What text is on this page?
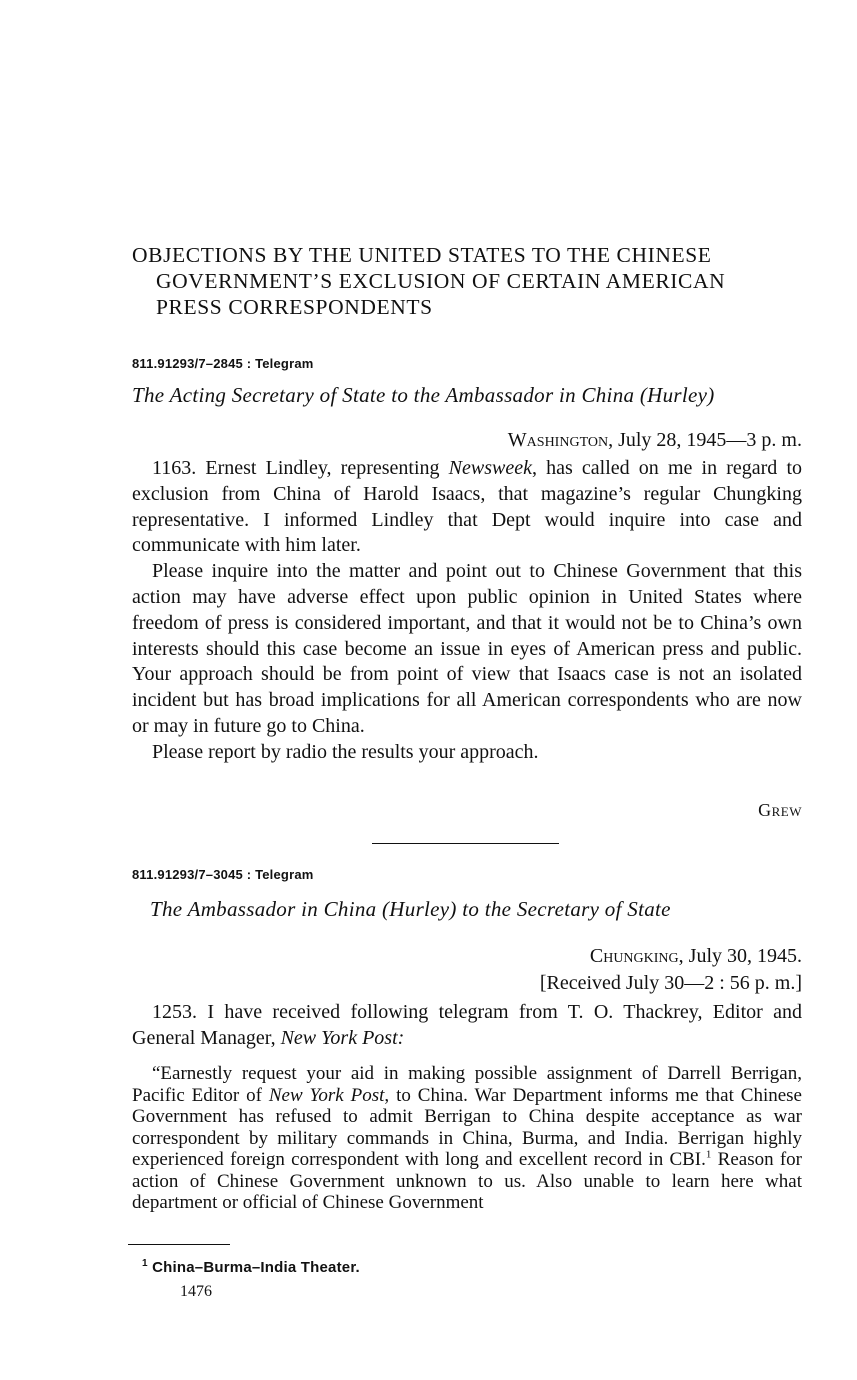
OBJECTIONS BY THE UNITED STATES TO THE CHINESE
GOVERNMENT’S EXCLUSION OF CERTAIN AMERICAN
PRESS CORRESPONDENTS
811.91293/7–2845 : Telegram
The Acting Secretary of State to the Ambassador in China (Hurley)
Washington, July 28, 1945—3 p. m.

1163. Ernest Lindley, representing Newsweek, has called on me in regard to exclusion from China of Harold Isaacs, that magazine’s regular Chungking representative. I informed Lindley that Dept would inquire into case and communicate with him later.

Please inquire into the matter and point out to Chinese Government that this action may have adverse effect upon public opinion in United States where freedom of press is considered important, and that it would not be to China’s own interests should this case become an issue in eyes of American press and public. Your approach should be from point of view that Isaacs case is not an isolated incident but has broad implications for all American correspondents who are now or may in future go to China.

Please report by radio the results your approach.

Grew
811.91293/7–3045 : Telegram
The Ambassador in China (Hurley) to the Secretary of State
Chungking, July 30, 1945.
[Received July 30—2 : 56 p. m.]

1253. I have received following telegram from T. O. Thackrey, Editor and General Manager, New York Post:

“Earnestly request your aid in making possible assignment of Darrell Berrigan, Pacific Editor of New York Post, to China. War Department informs me that Chinese Government has refused to admit Berrigan to China despite acceptance as war correspondent by military commands in China, Burma, and India. Berrigan highly experienced foreign correspondent with long and excellent record in CBI.$^1$ Reason for action of Chinese Government unknown to us. Also unable to learn here what department or official of Chinese Government

$^1$ China–Burma–India Theater.
1476
